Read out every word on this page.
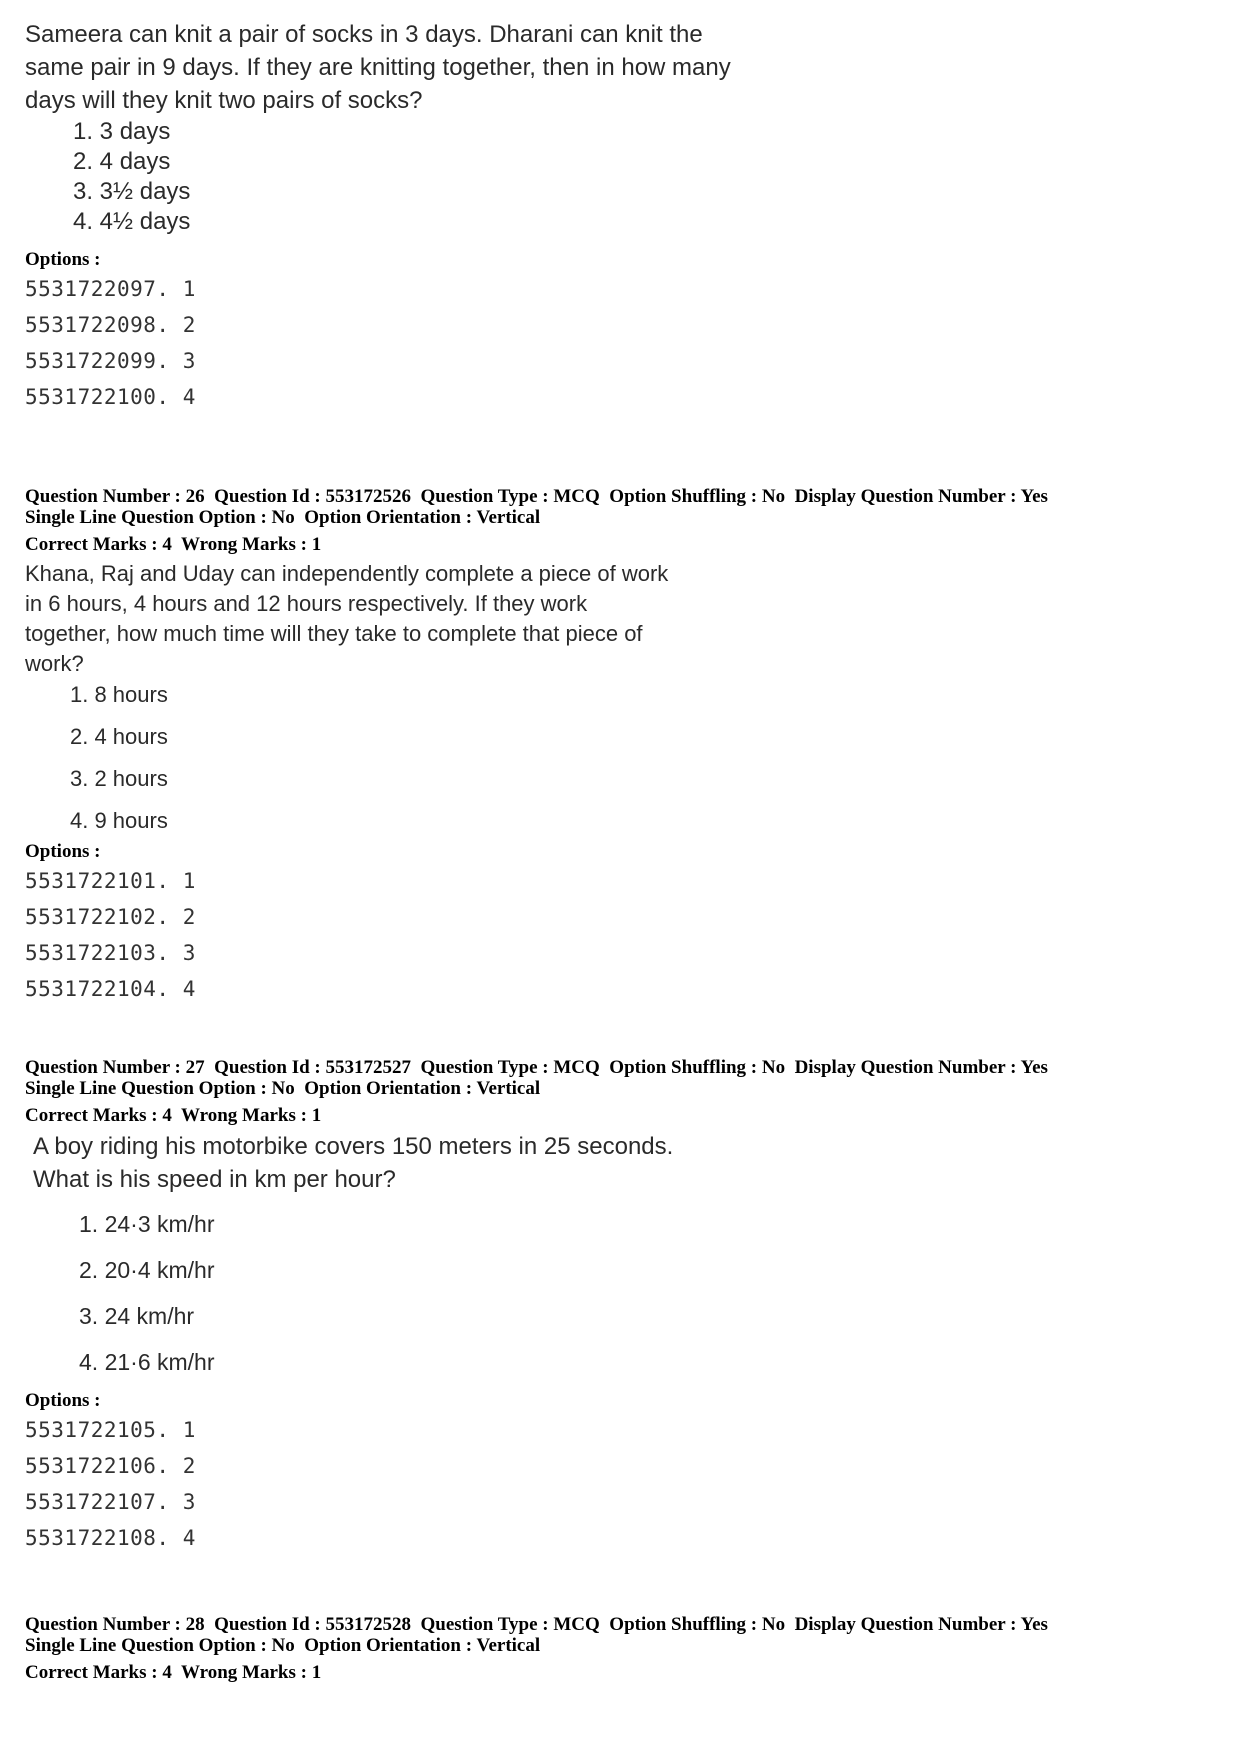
Sameera can knit a pair of socks in 3 days. Dharani can knit the
same pair in 9 days. If they are knitting together, then in how many
days will they knit two pairs of socks?

1. 3 days
2. 4 days
3. 3½ days
4. 4½ days

Options :

5531722097. 1
5531722098. 2
5531722099. 3
5531722100. 4

Question Number : 26  Question Id : 553172526  Question Type : MCQ  Option Shuffling : No  Display Question Number : Yes

Single Line Question Option : No  Option Orientation : Vertical

Correct Marks : 4  Wrong Marks : 1

Khana, Raj and Uday can independently complete a piece of work
in 6 hours, 4 hours and 12 hours respectively. If they work
together, how much time will they take to complete that piece of
work?

1. 8 hours
2. 4 hours
3. 2 hours
4. 9 hours

Options :

5531722101. 1
5531722102. 2
5531722103. 3
5531722104. 4

Question Number : 27  Question Id : 553172527  Question Type : MCQ  Option Shuffling : No  Display Question Number : Yes

Single Line Question Option : No  Option Orientation : Vertical

Correct Marks : 4  Wrong Marks : 1

A boy riding his motorbike covers 150 meters in 25 seconds.
What is his speed in km per hour?

1. 24·3 km/hr
2. 20·4 km/hr
3. 24 km/hr
4. 21·6 km/hr

Options :

5531722105. 1
5531722106. 2
5531722107. 3
5531722108. 4

Question Number : 28  Question Id : 553172528  Question Type : MCQ  Option Shuffling : No  Display Question Number : Yes

Single Line Question Option : No  Option Orientation : Vertical

Correct Marks : 4  Wrong Marks : 1
